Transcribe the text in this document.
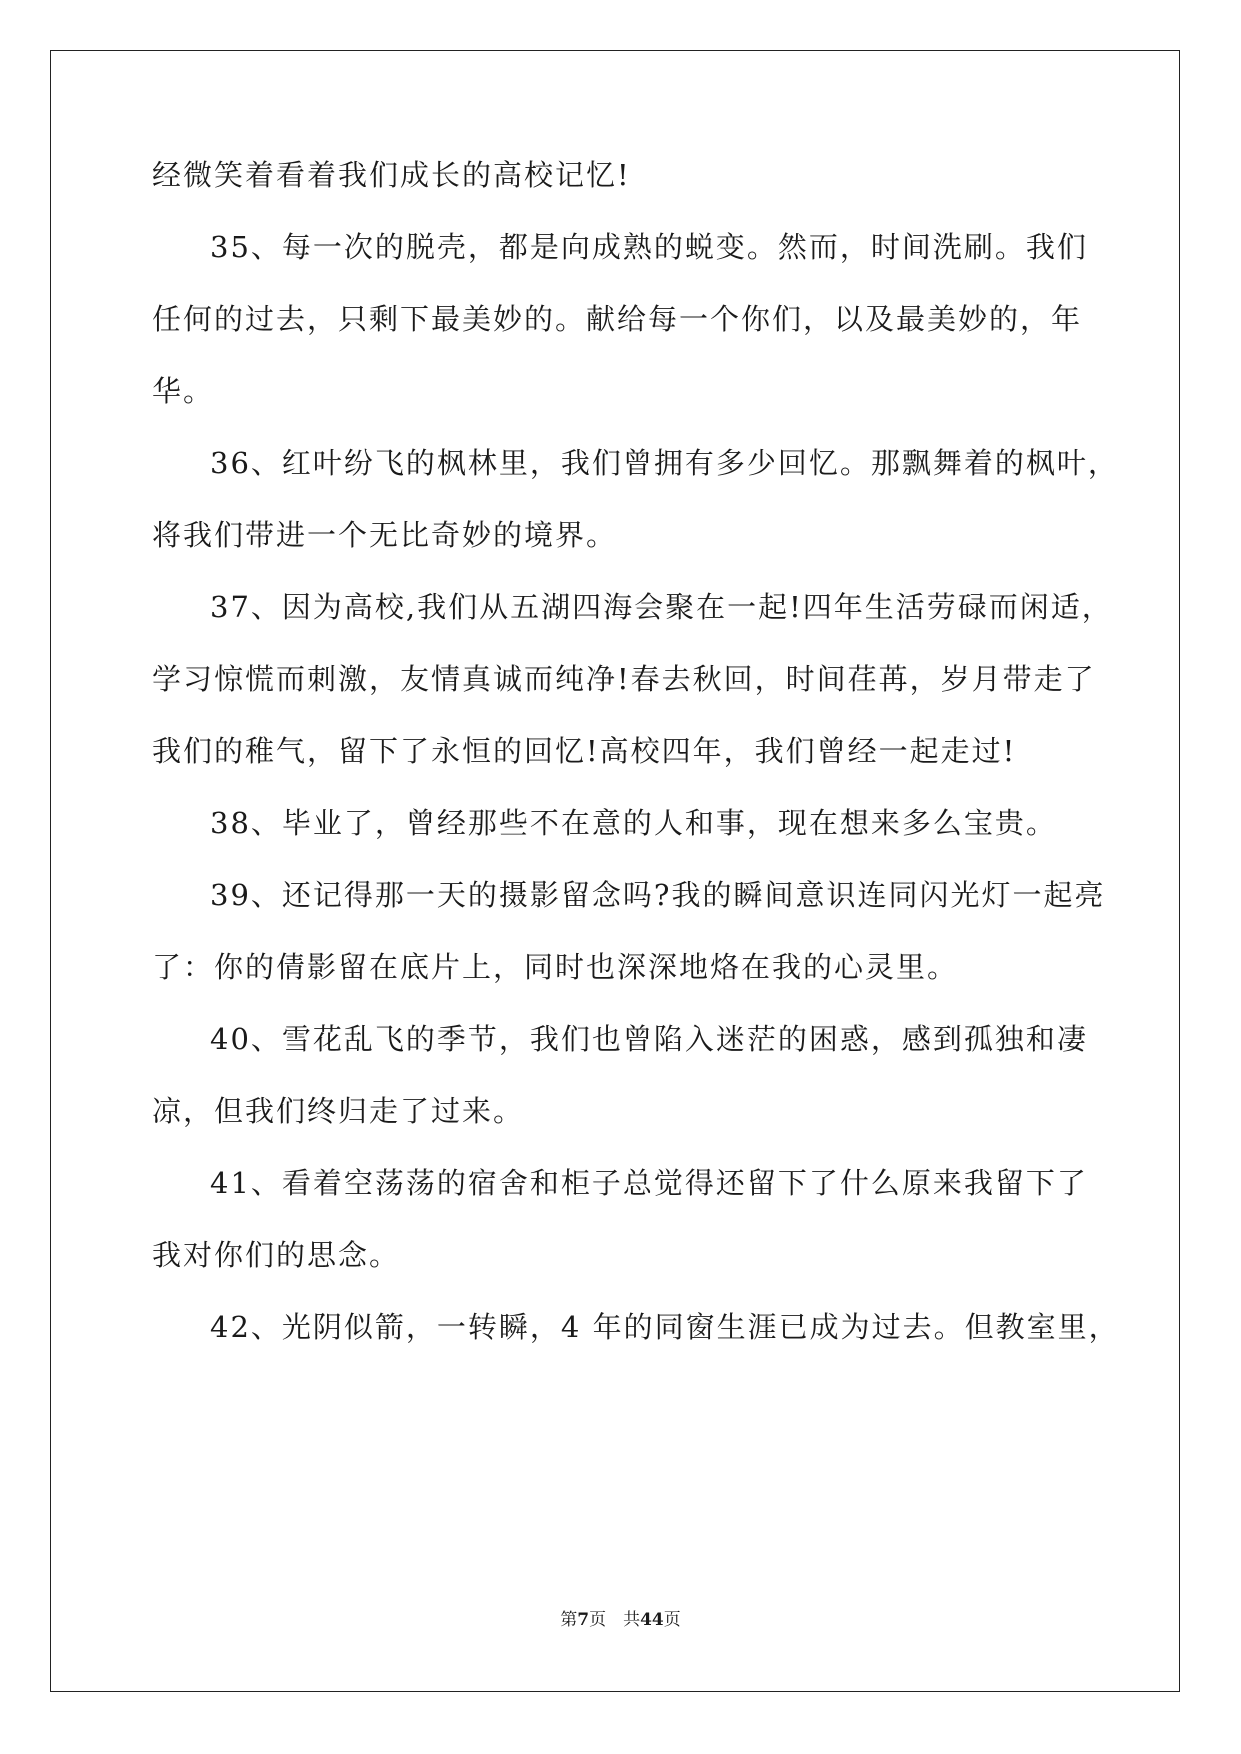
经微笑着看着我们成长的高校记忆!
35、每一次的脱壳，都是向成熟的蜕变。然而，时间洗刷。我们
任何的过去，只剩下最美妙的。献给每一个你们，以及最美妙的，年
华。
36、红叶纷飞的枫林里，我们曾拥有多少回忆。那飘舞着的枫叶，
将我们带进一个无比奇妙的境界。
37、因为高校,我们从五湖四海会聚在一起!四年生活劳碌而闲适，
学习惊慌而刺激，友情真诚而纯净!春去秋回，时间荏苒，岁月带走了
我们的稚气，留下了永恒的回忆!高校四年，我们曾经一起走过!
38、毕业了，曾经那些不在意的人和事，现在想来多么宝贵。
39、还记得那一天的摄影留念吗?我的瞬间意识连同闪光灯一起亮
了：你的倩影留在底片上，同时也深深地烙在我的心灵里。
40、雪花乱飞的季节，我们也曾陷入迷茫的困惑，感到孤独和凄
凉，但我们终归走了过来。
41、看着空荡荡的宿舍和柜子总觉得还留下了什么原来我留下了
我对你们的思念。
42、光阴似箭，一转瞬，4 年的同窗生涯已成为过去。但教室里，
第7页　共44页
